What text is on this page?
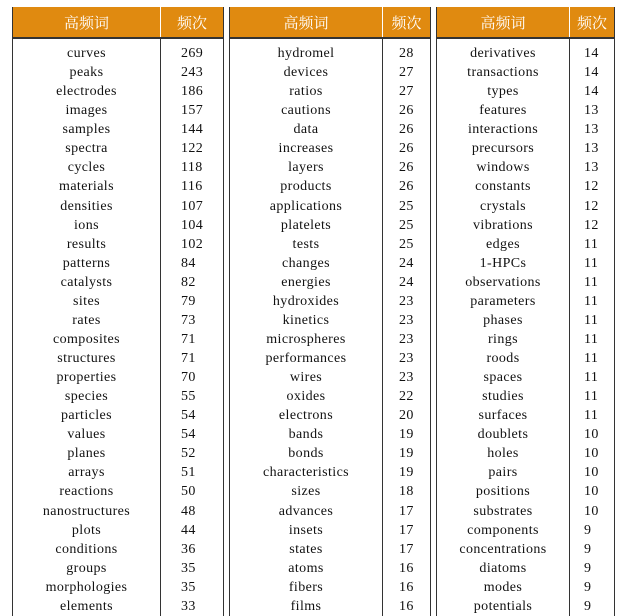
高频词	频次
curves	269
peaks	243
electrodes	186
images	157
samples	144
spectra	122
cycles	118
materials	116
densities	107
ions	104
results	102
patterns	84
catalysts	82
sites	79
rates	73
composites	71
structures	71
properties	70
species	55
particles	54
values	54
planes	52
arrays	51
reactions	50
nanostructures	48
plots	44
conditions	36
groups	35
morphologies	35
elements	33
高频词	频次
hydromel	28
devices	27
ratios	27
cautions	26
data	26
increases	26
layers	26
products	26
applications	25
platelets	25
tests	25
changes	24
energies	24
hydroxides	23
kinetics	23
microspheres	23
performances	23
wires	23
oxides	22
electrons	20
bands	19
bonds	19
characteristics	19
sizes	18
advances	17
insets	17
states	17
atoms	16
fibers	16
films	16
高频词	频次
derivatives	14
transactions	14
types	14
features	13
interactions	13
precursors	13
windows	13
constants	12
crystals	12
vibrations	12
edges	11
1-HPCs	11
observations	11
parameters	11
phases	11
rings	11
roods	11
spaces	11
studies	11
surfaces	11
doublets	10
holes	10
pairs	10
positions	10
substrates	10
components	9
concentrations	9
diatoms	9
modes	9
potentials	9
